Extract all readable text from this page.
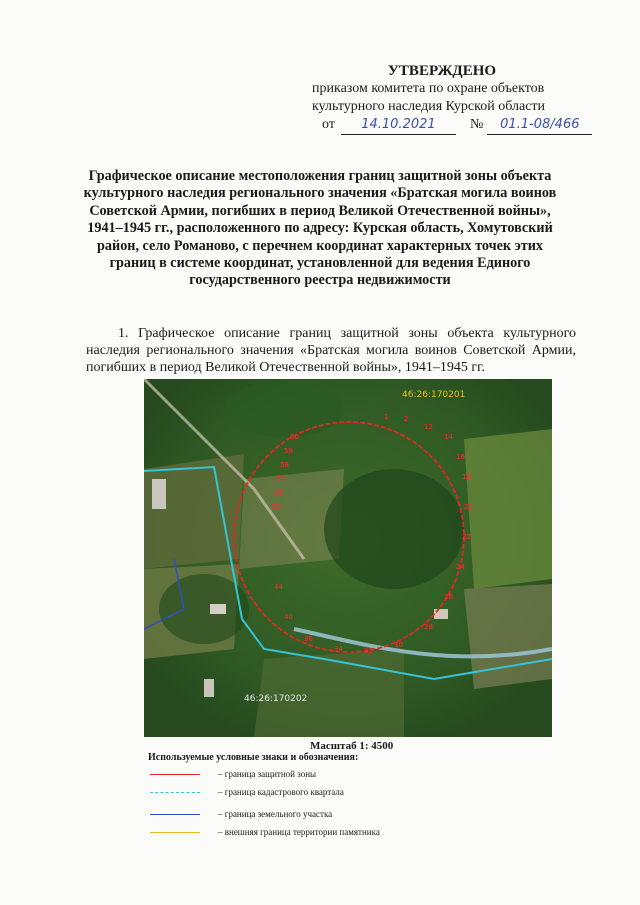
УТВЕРЖДЕНО
приказом комитета по охране объектов
культурного наследия Курской области
от	14.10.2021	№	01.1-08/466
Графическое описание местоположения границ защитной зоны объекта культурного наследия регионального значения «Братская могила воинов Советской Армии, погибших в период Великой Отечественной войны», 1941–1945 гг., расположенного по адресу: Курская область, Хомутовский район, село Романово, с перечнем координат характерных точек этих границ в системе координат, установленной для ведения Единого государственного реестра недвижимости
1. Графическое описание границ защитной зоны объекта культурного наследия регионального значения «Братская могила воинов Советской Армии, погибших в период Великой Отечественной войны», 1941–1945 гг.
60
59
58
57
56
55
1 2
12
14
16
18
20
22
24
26
28
30
32
34
36
40
44
46:26:170201
46:26:170202
Масштаб 1: 4500
Используемые условные знаки и обозначения:
– граница защитной зоны
– граница кадастрового квартала
– граница земельного участка
– внешняя граница территории памятника
